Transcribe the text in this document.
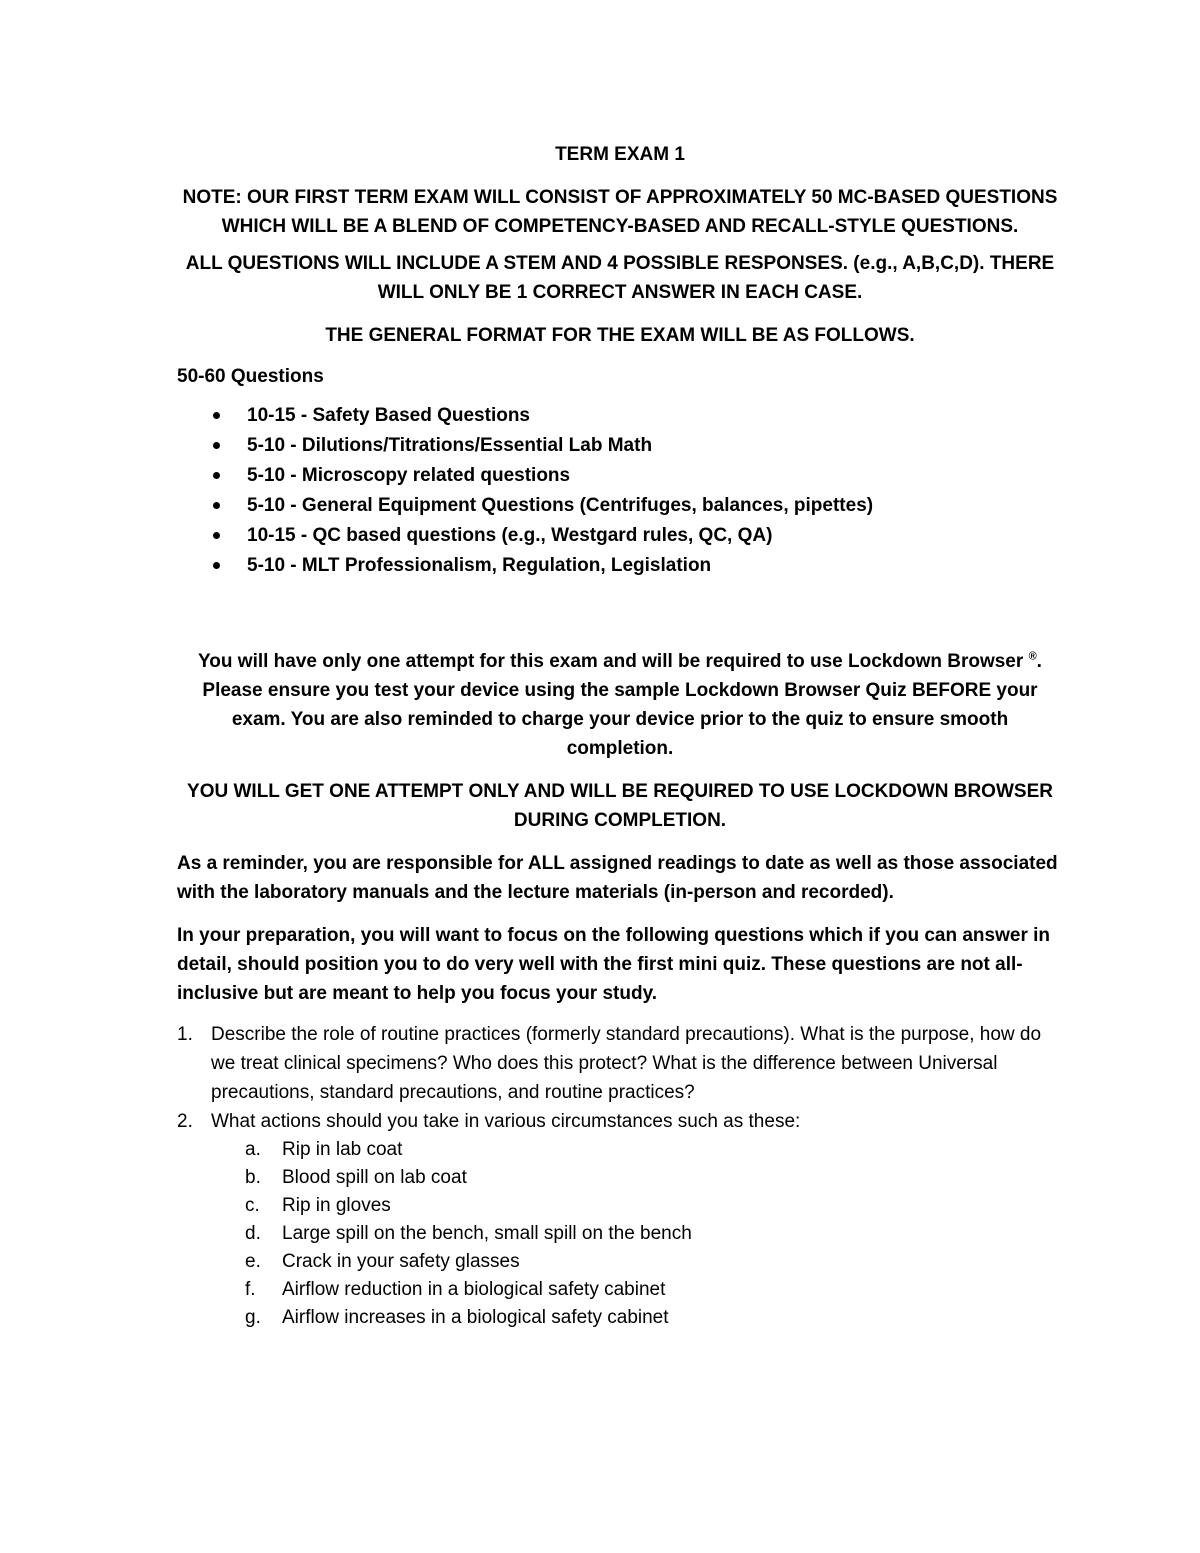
TERM EXAM 1

NOTE: OUR FIRST TERM EXAM WILL CONSIST OF APPROXIMATELY 50 MC-BASED QUESTIONS WHICH WILL BE A BLEND OF COMPETENCY-BASED AND RECALL-STYLE QUESTIONS.

ALL QUESTIONS WILL INCLUDE A STEM AND 4 POSSIBLE RESPONSES. (e.g., A,B,C,D). THERE WILL ONLY BE 1 CORRECT ANSWER IN EACH CASE.

THE GENERAL FORMAT FOR THE EXAM WILL BE AS FOLLOWS.

50-60 Questions

10-15 - Safety Based Questions
5-10 - Dilutions/Titrations/Essential Lab Math
5-10 - Microscopy related questions
5-10 - General Equipment Questions (Centrifuges, balances, pipettes)
10-15 - QC based questions (e.g., Westgard rules, QC, QA)
5-10 - MLT Professionalism, Regulation, Legislation

You will have only one attempt for this exam and will be required to use Lockdown Browser ®. Please ensure you test your device using the sample Lockdown Browser Quiz BEFORE your exam. You are also reminded to charge your device prior to the quiz to ensure smooth completion.

YOU WILL GET ONE ATTEMPT ONLY AND WILL BE REQUIRED TO USE LOCKDOWN BROWSER DURING COMPLETION.

As a reminder, you are responsible for ALL assigned readings to date as well as those associated with the laboratory manuals and the lecture materials (in-person and recorded).

In your preparation, you will want to focus on the following questions which if you can answer in detail, should position you to do very well with the first mini quiz. These questions are not all-inclusive but are meant to help you focus your study.

1. Describe the role of routine practices (formerly standard precautions). What is the purpose, how do we treat clinical specimens? Who does this protect? What is the difference between Universal precautions, standard precautions, and routine practices?
2. What actions should you take in various circumstances such as these:
a. Rip in lab coat
b. Blood spill on lab coat
c. Rip in gloves
d. Large spill on the bench, small spill on the bench
e. Crack in your safety glasses
f. Airflow reduction in a biological safety cabinet
g. Airflow increases in a biological safety cabinet
